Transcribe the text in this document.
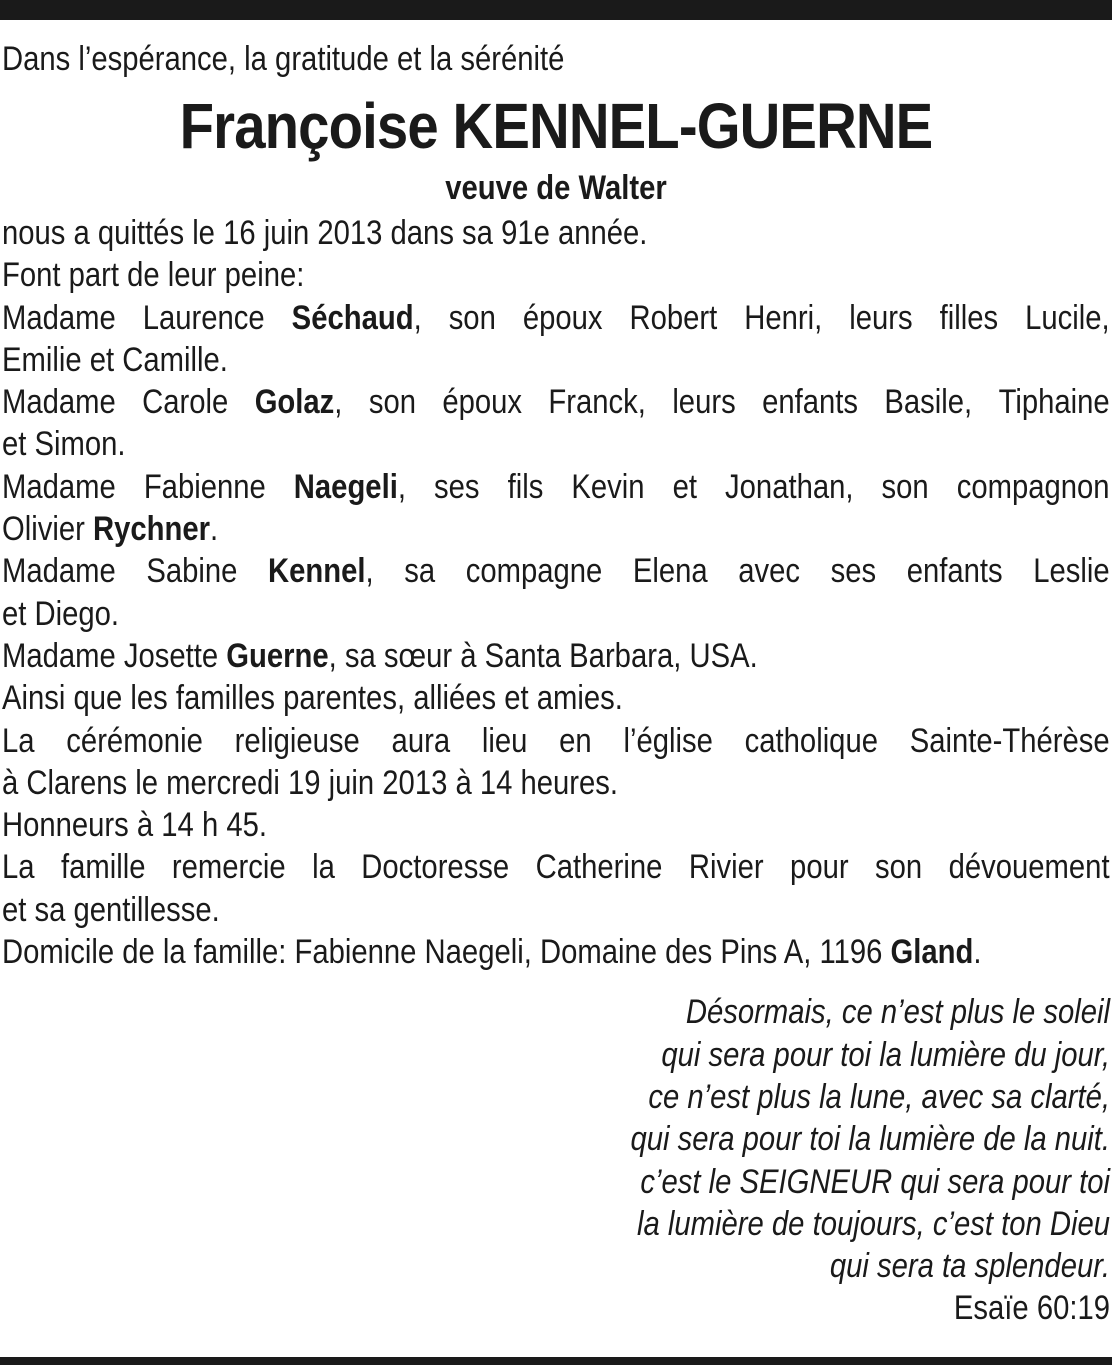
Dans l’espérance, la gratitude et la sérénité
Françoise KENNEL-GUERNE
veuve de Walter
nous a quittés le 16 juin 2013 dans sa 91e année.
Font part de leur peine:
Madame Laurence Séchaud, son époux Robert Henri, leurs filles Lucile,
Emilie et Camille.
Madame Carole Golaz, son époux Franck, leurs enfants Basile, Tiphaine
et Simon.
Madame Fabienne Naegeli, ses fils Kevin et Jonathan, son compagnon
Olivier Rychner.
Madame Sabine Kennel, sa compagne Elena avec ses enfants Leslie
et Diego.
Madame Josette Guerne, sa sœur à Santa Barbara, USA.
Ainsi que les familles parentes, alliées et amies.
La cérémonie religieuse aura lieu en l’église catholique Sainte-Thérèse
à Clarens le mercredi 19 juin 2013 à 14 heures.
Honneurs à 14 h 45.
La famille remercie la Doctoresse Catherine Rivier pour son dévouement
et sa gentillesse.
Domicile de la famille: Fabienne Naegeli, Domaine des Pins A, 1196 Gland.
Désormais, ce n’est plus le soleil
qui sera pour toi la lumière du jour,
ce n’est plus la lune, avec sa clarté,
qui sera pour toi la lumière de la nuit.
c’est le SEIGNEUR qui sera pour toi
la lumière de toujours, c’est ton Dieu
qui sera ta splendeur.
Esaïe 60:19
